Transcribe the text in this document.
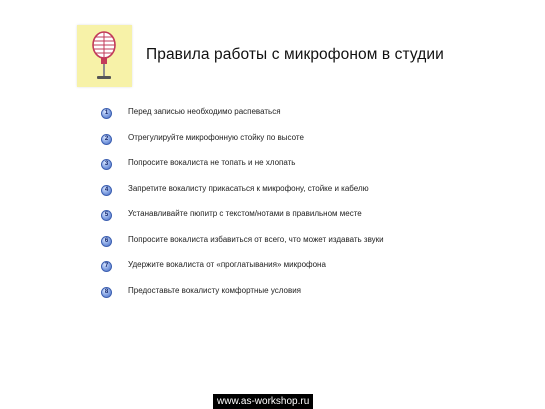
Правила работы с микрофоном в студии
1	Перед записью необходимо распеваться
2	Отрегулируйте микрофонную стойку по высоте
3	Попросите вокалиста не топать и не хлопать
4	Запретите вокалисту прикасаться к микрофону, стойке и кабелю
5	Устанавливайте пюпитр с текстом/нотами в правильном месте
6	Попросите вокалиста избавиться от всего, что может издавать звуки
7	Удержите вокалиста от «проглатывания» микрофона
8	Предоставьте вокалисту комфортные условия
www.as-workshop.ru
